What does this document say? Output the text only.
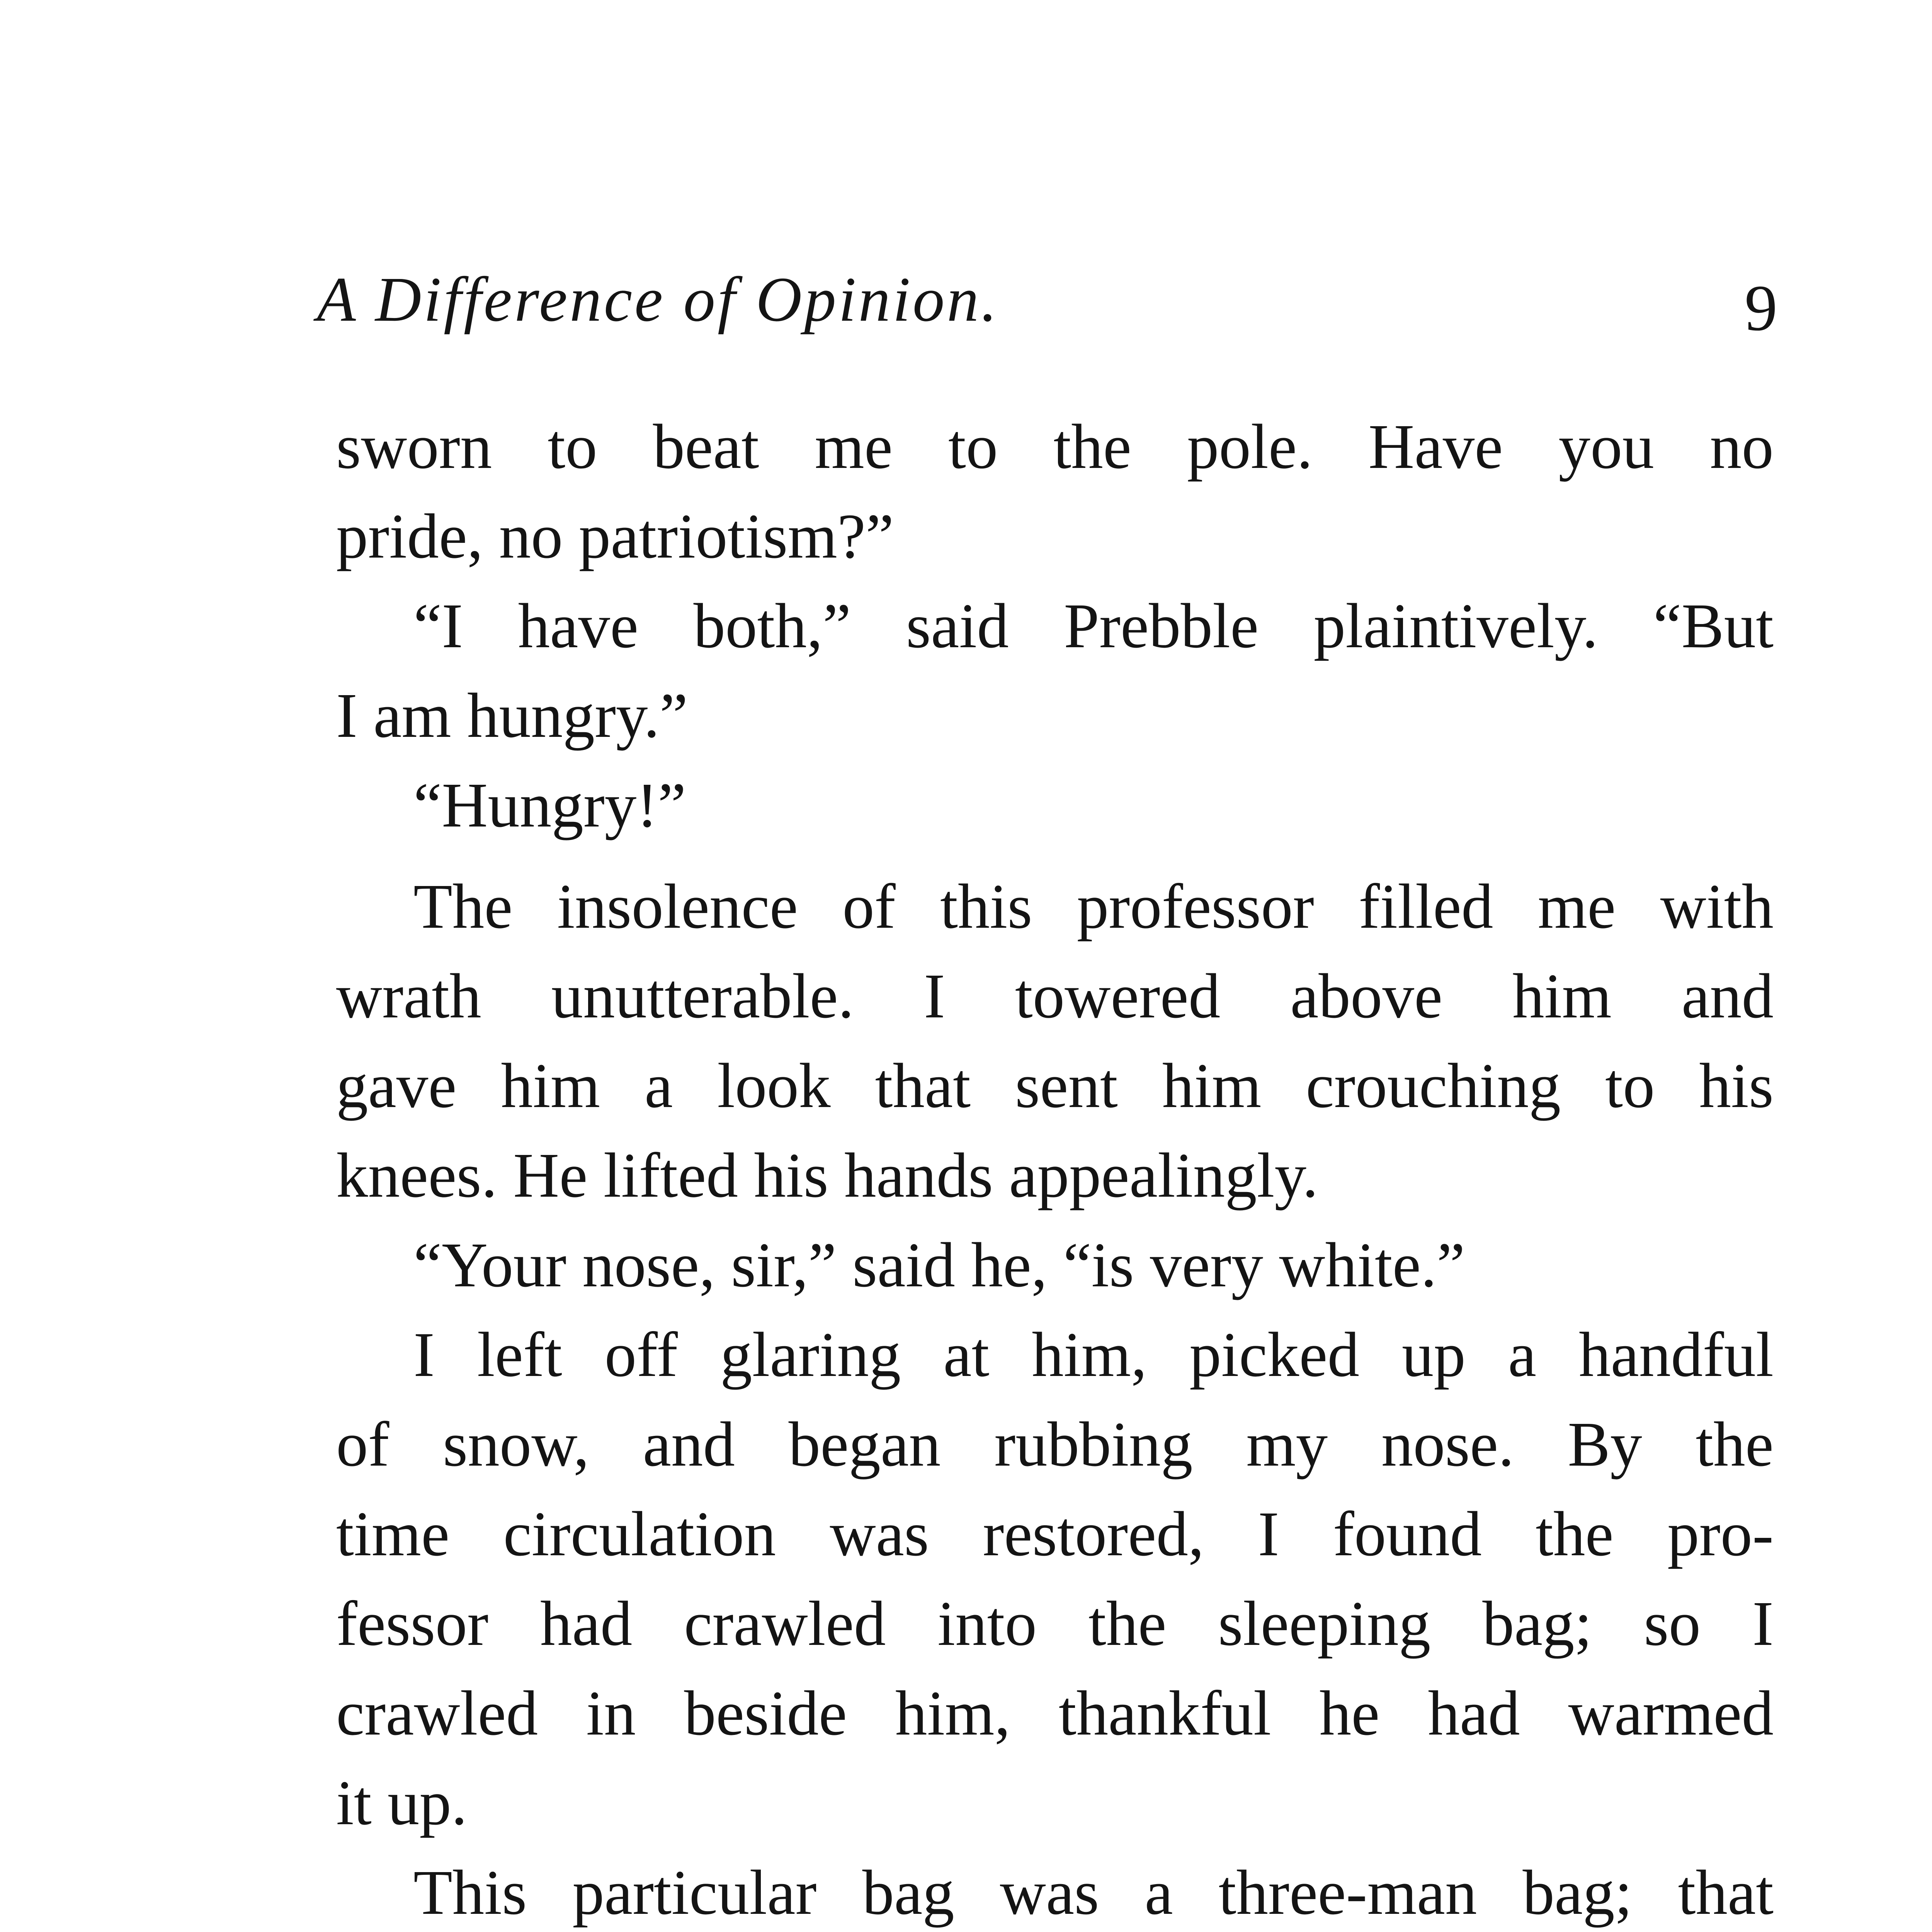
A Difference of Opinion.	9
sworn to beat me to the pole. Have you no
pride, no patriotism?”
“I have both,” said Prebble plaintively. “But
I am hungry.”
“Hungry!”
The insolence of this professor filled me with
wrath unutterable. I towered above him and
gave him a look that sent him crouching to his
knees. He lifted his hands appealingly.
“Your nose, sir,” said he, “is very white.”
I left off glaring at him, picked up a handful
of snow, and began rubbing my nose. By the
time circulation was restored, I found the pro-
fessor had crawled into the sleeping bag; so I
crawled in beside him, thankful he had warmed
it up.
This particular bag was a three-man bag; that
